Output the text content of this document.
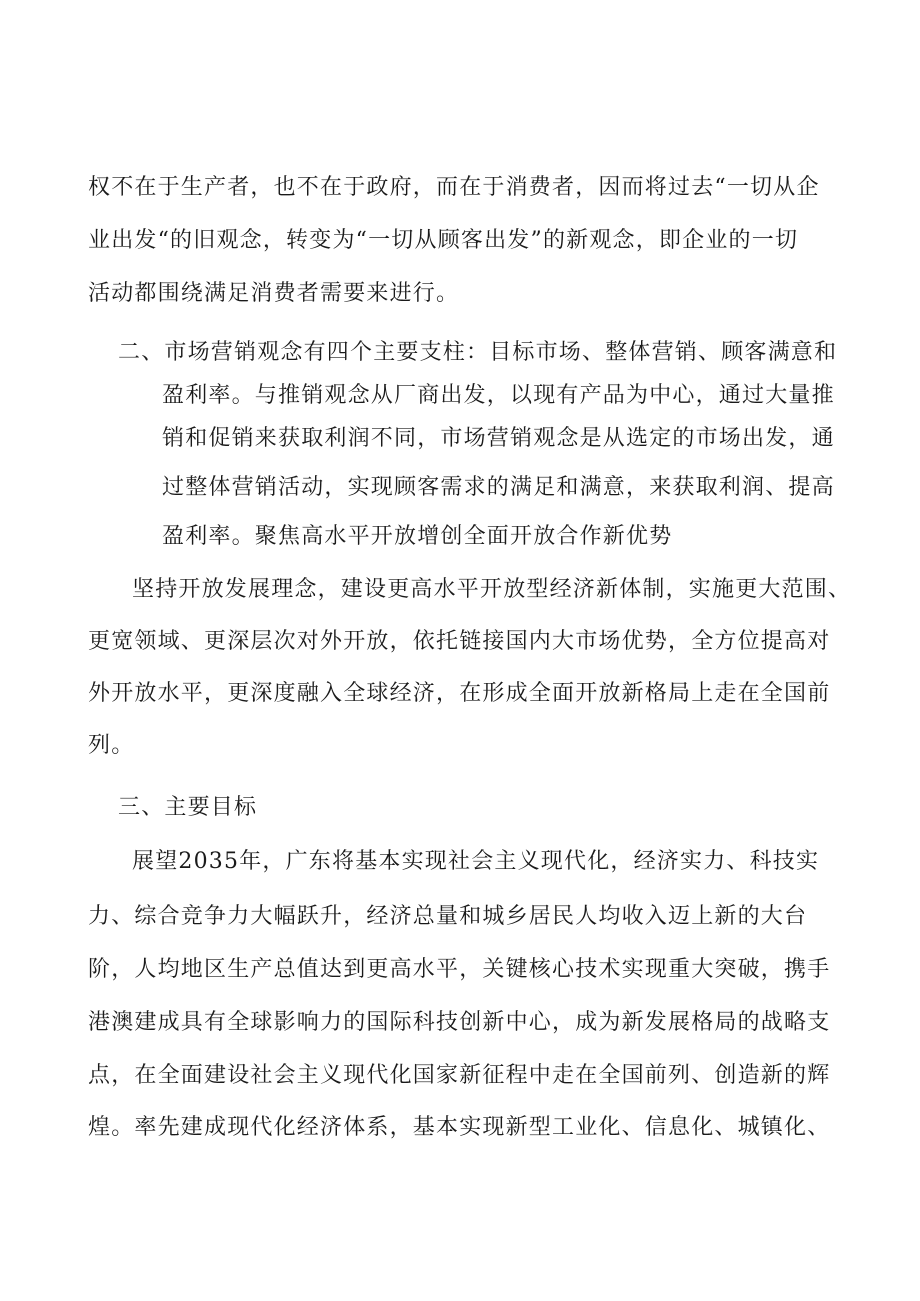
权不在于生产者，也不在于政府，而在于消费者，因而将过去“一切从企
业出发“的旧观念，转变为“一切从顾客出发”的新观念，即企业的一切
活动都围绕满足消费者需要来进行。
二、市场营销观念有四个主要支柱：目标市场、整体营销、顾客满意和
盈利率。与推销观念从厂商出发，以现有产品为中心，通过大量推
销和促销来获取利润不同，市场营销观念是从选定的市场出发，通
过整体营销活动，实现顾客需求的满足和满意，来获取利润、提高
盈利率。聚焦高水平开放增创全面开放合作新优势
坚持开放发展理念，建设更高水平开放型经济新体制，实施更大范围、
更宽领域、更深层次对外开放，依托链接国内大市场优势，全方位提高对
外开放水平，更深度融入全球经济，在形成全面开放新格局上走在全国前
列。
三、主要目标
展望2035年，广东将基本实现社会主义现代化，经济实力、科技实
力、综合竞争力大幅跃升，经济总量和城乡居民人均收入迈上新的大台
阶，人均地区生产总值达到更高水平，关键核心技术实现重大突破，携手
港澳建成具有全球影响力的国际科技创新中心，成为新发展格局的战略支
点，在全面建设社会主义现代化国家新征程中走在全国前列、创造新的辉
煌。率先建成现代化经济体系，基本实现新型工业化、信息化、城镇化、
